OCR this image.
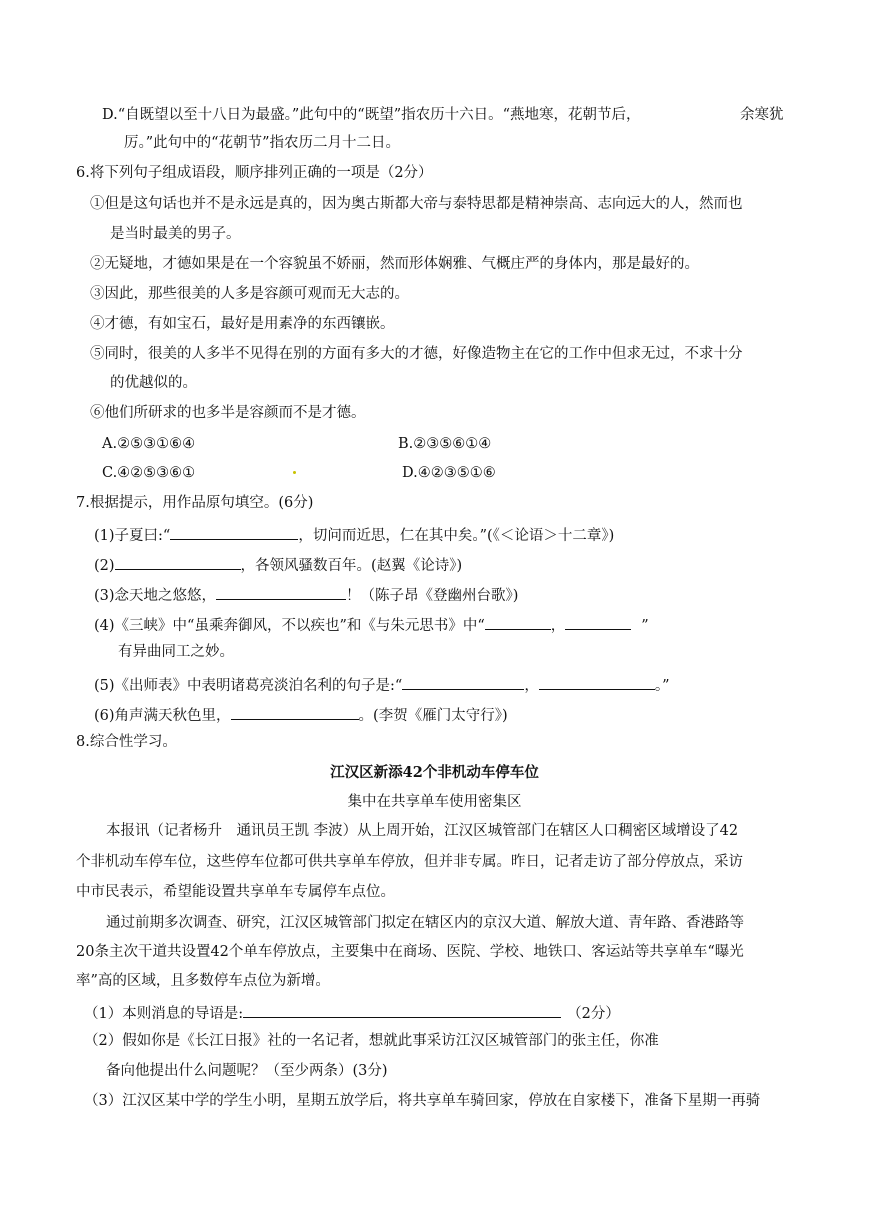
D.“自既望以至十八日为最盛。”此句中的“既望”指农历十六日。“燕地寒，花朝节后，	余寒犹
厉。”此句中的“花朝节”指农历二月十二日。
6.将下列句子组成语段，顺序排列正确的一项是（2分）
①但是这句话也并不是永远是真的，因为奥古斯都大帝与泰特思都是精神崇高、志向远大的人，然而也
是当时最美的男子。
②无疑地，才德如果是在一个容貌虽不娇丽，然而形体娴雅、气概庄严的身体内，那是最好的。
③因此，那些很美的人多是容颜可观而无大志的。
④才德，有如宝石，最好是用素净的东西镶嵌。
⑤同时，很美的人多半不见得在别的方面有多大的才德，好像造物主在它的工作中但求无过，不求十分
的优越似的。
⑥他们所研求的也多半是容颜而不是才德。
A.②⑤③①⑥④	B.②③⑤⑥①④
C.④②⑤③⑥①	D.④②③⑤①⑥
7.根据提示，用作品原句填空。(6分)
(1)子夏曰:“	，切问而近思，仁在其中矣。”(《＜论语＞十二章》)
(2)	，各领风骚数百年。(赵翼《论诗》)
(3)念天地之悠悠，	！（陈子昂《登幽州台歌》)
(4)《三峡》中“虽乘奔御风，不以疾也”和《与朱元思书》中“	，	”
有异曲同工之妙。
(5)《出师表》中表明诸葛亮淡泊名利的句子是:“	，	。”
(6)角声满天秋色里，	。(李贺《雁门太守行》)
8.综合性学习。
江汉区新添42个非机动车停车位
集中在共享单车使用密集区
本报讯（记者杨升　通讯员王凯 李波）从上周开始，江汉区城管部门在辖区人口稠密区域增设了42
个非机动车停车位，这些停车位都可供共享单车停放，但并非专属。昨日，记者走访了部分停放点，采访
中市民表示，希望能设置共享单车专属停车点位。
通过前期多次调查、研究，江汉区城管部门拟定在辖区内的京汉大道、解放大道、青年路、香港路等
20条主次干道共设置42个单车停放点，主要集中在商场、医院、学校、地铁口、客运站等共享单车“曝光
率”高的区域，且多数停车点位为新增。
（1）本则消息的导语是:	（2分）
（2）假如你是《长江日报》社的一名记者，想就此事采访江汉区城管部门的张主任，你准
备向他提出什么问题呢？（至少两条）(3分)
（3）江汉区某中学的学生小明，星期五放学后，将共享单车骑回家，停放在自家楼下，准备下星期一再骑
